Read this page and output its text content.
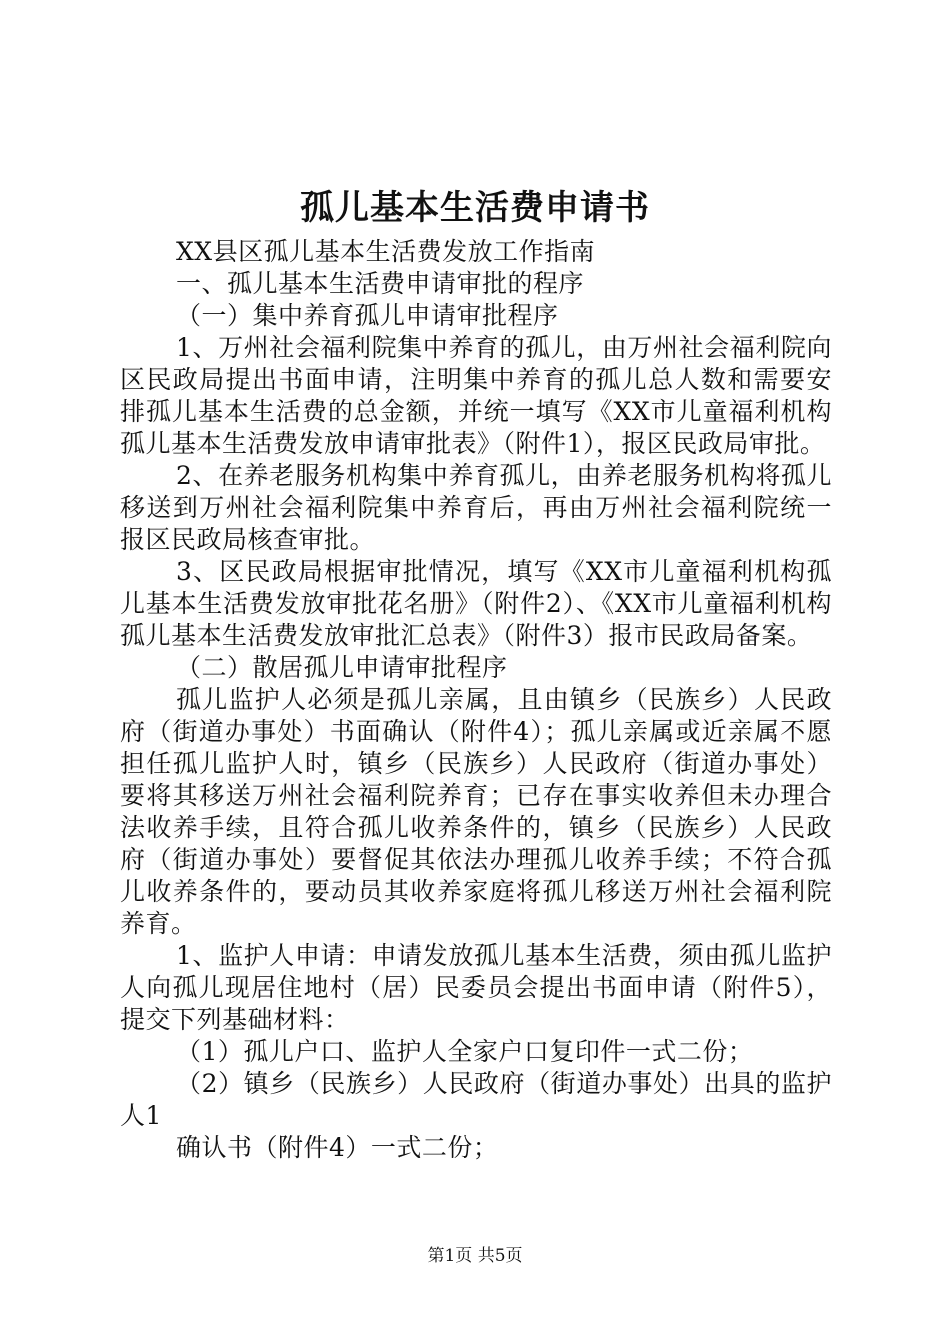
孤儿基本生活费申请书

XX县区孤儿基本生活费发放工作指南

一、孤儿基本生活费申请审批的程序

（一）集中养育孤儿申请审批程序

1、万州社会福利院集中养育的孤儿，由万州社会福利院向区民政局提出书面申请，注明集中养育的孤儿总人数和需要安排孤儿基本生活费的总金额，并统一填写《XX市儿童福利机构孤儿基本生活费发放申请审批表》（附件1），报区民政局审批。

2、在养老服务机构集中养育孤儿，由养老服务机构将孤儿移送到万州社会福利院集中养育后，再由万州社会福利院统一报区民政局核查审批。

3、区民政局根据审批情况，填写《XX市儿童福利机构孤儿基本生活费发放审批花名册》（附件2）、《XX市儿童福利机构孤儿基本生活费发放审批汇总表》（附件3）报市民政局备案。

（二）散居孤儿申请审批程序

孤儿监护人必须是孤儿亲属，且由镇乡（民族乡）人民政府（街道办事处）书面确认（附件4）；孤儿亲属或近亲属不愿担任孤儿监护人时，镇乡（民族乡）人民政府（街道办事处）要将其移送万州社会福利院养育；已存在事实收养但未办理合法收养手续，且符合孤儿收养条件的，镇乡（民族乡）人民政府（街道办事处）要督促其依法办理孤儿收养手续；不符合孤儿收养条件的，要动员其收养家庭将孤儿移送万州社会福利院养育。

1、监护人申请：申请发放孤儿基本生活费，须由孤儿监护人向孤儿现居住地村（居）民委员会提出书面申请（附件5），提交下列基础材料：

（1）孤儿户口、监护人全家户口复印件一式二份；

（2）镇乡（民族乡）人民政府（街道办事处）出具的监护人1

确认书（附件4）一式二份；

第1页 共5页
